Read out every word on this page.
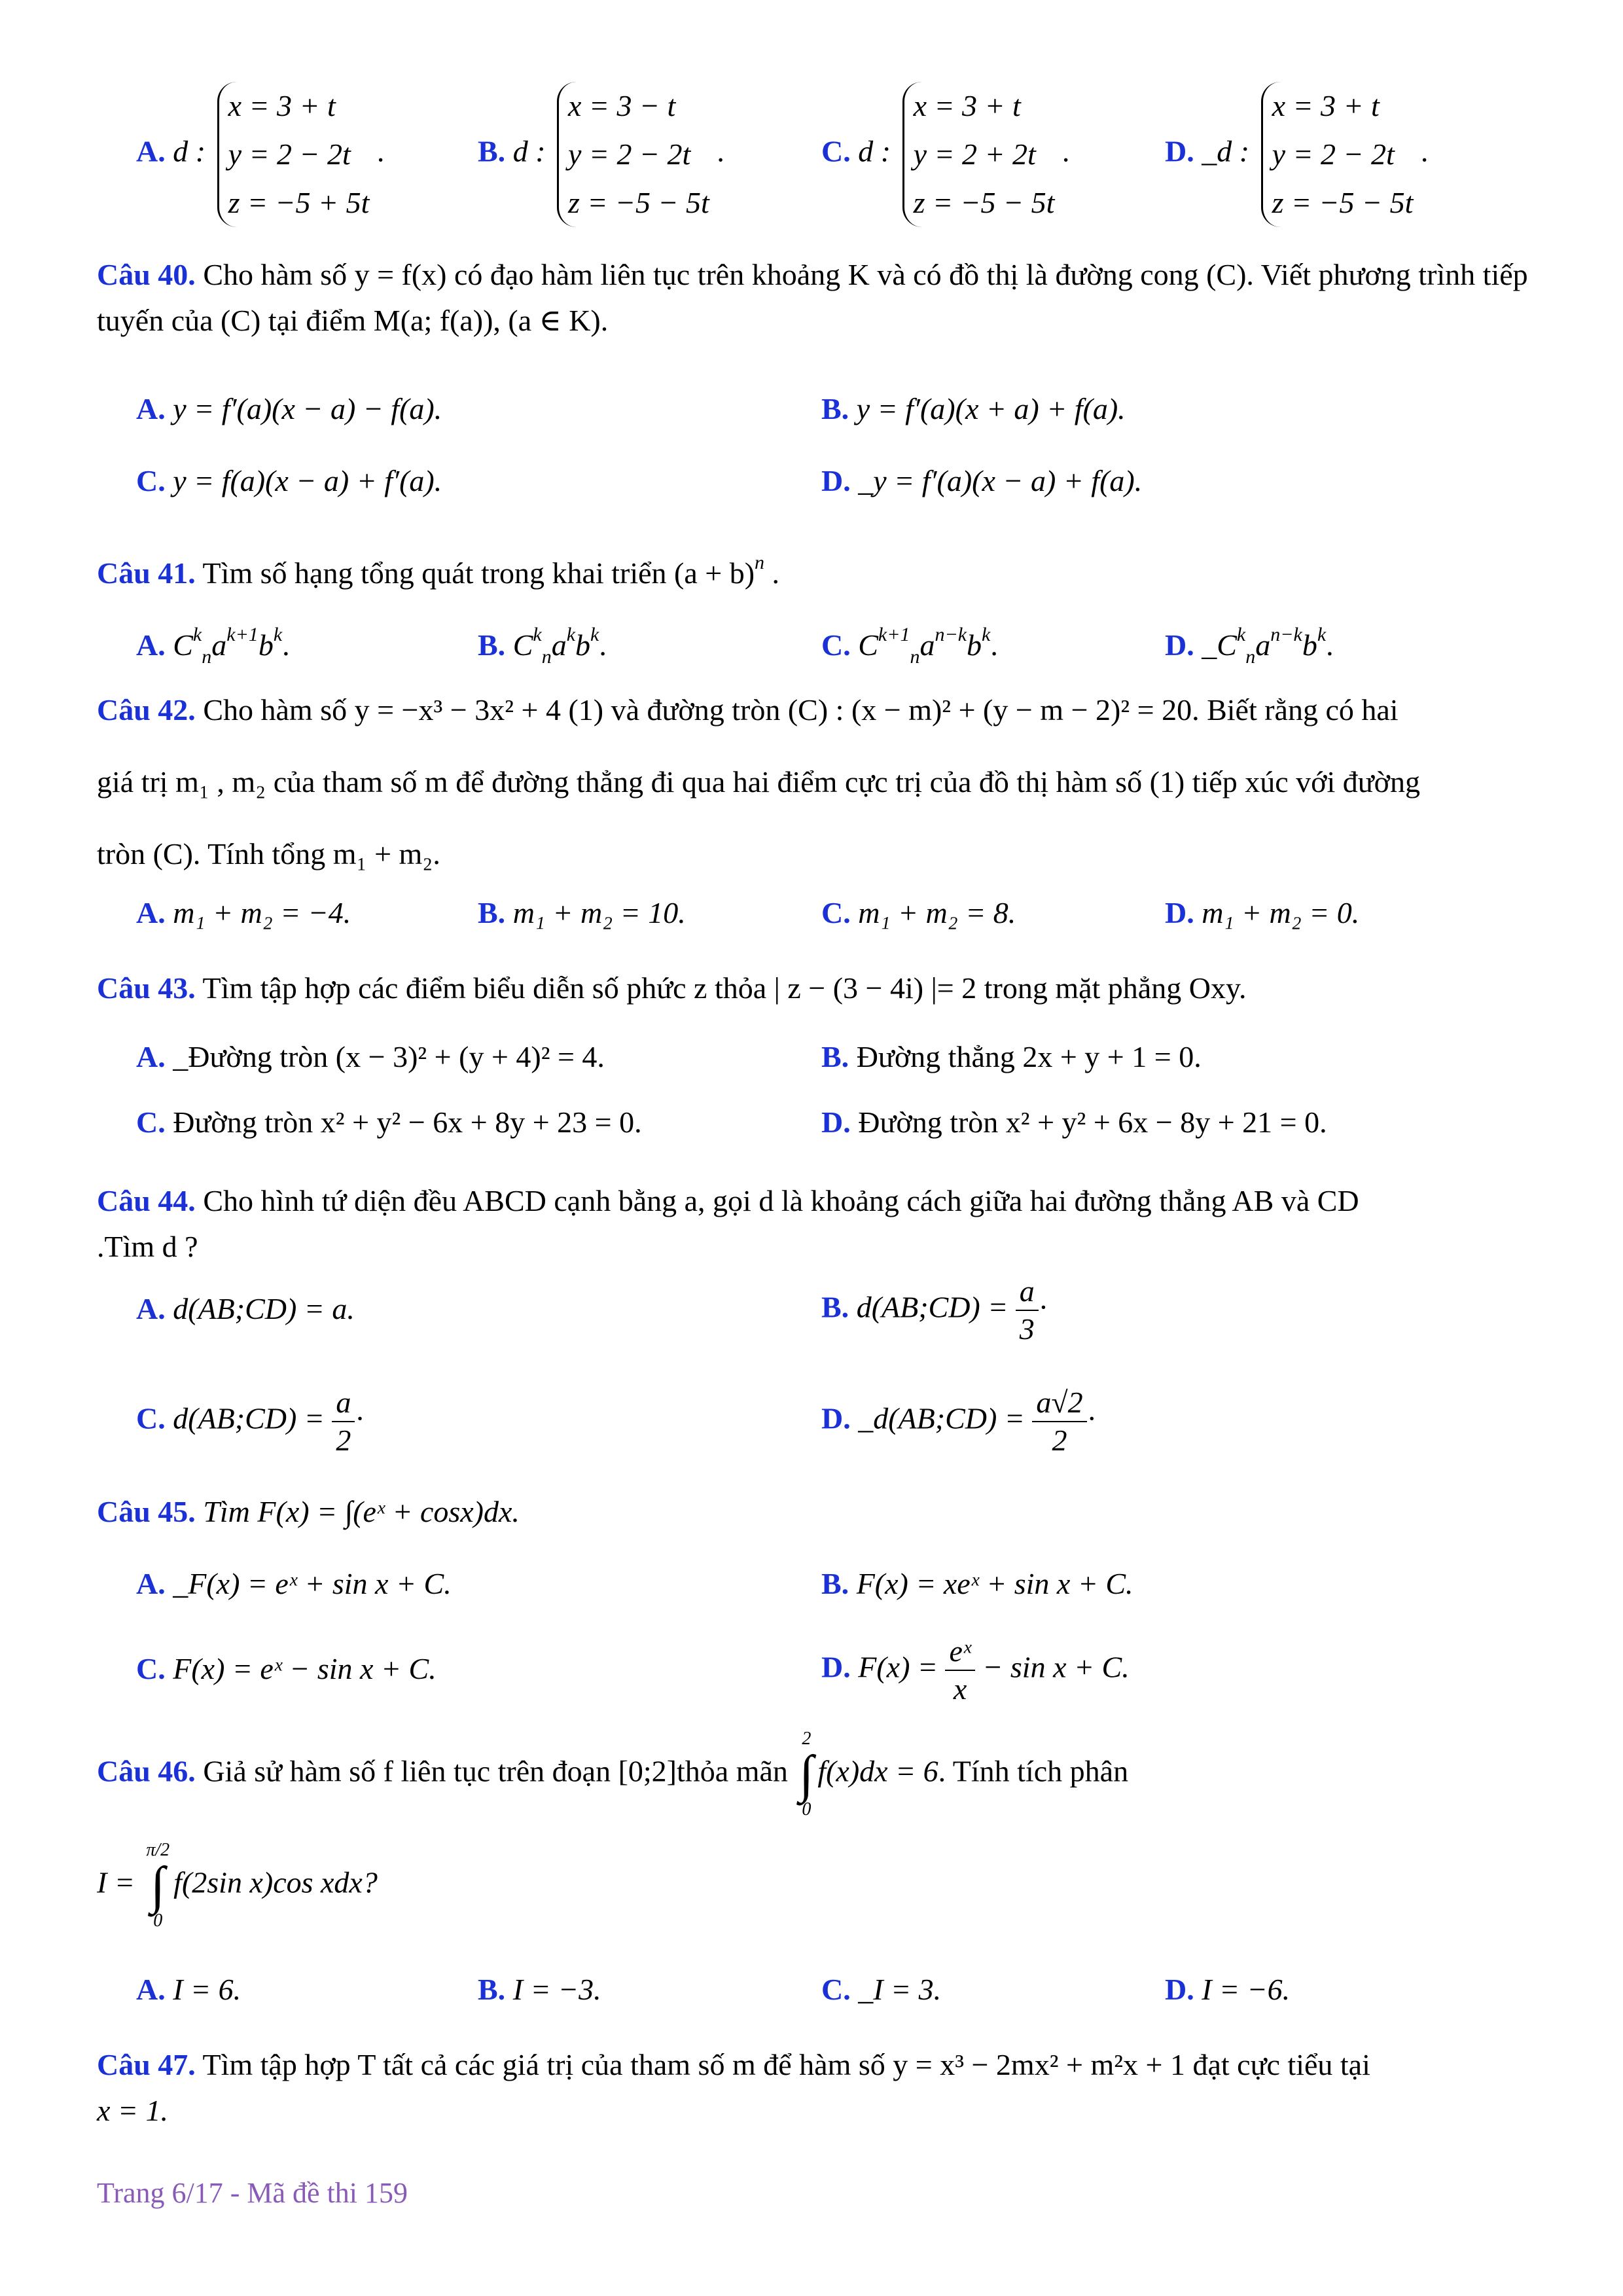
A. d :
x = 3 + t
y = 2 − 2t
z = −5 + 5t
.	B. d :
x = 3 − t
y = 2 − 2t
z = −5 − 5t
.	C. d :
x = 3 + t
y = 2 + 2t
z = −5 − 5t
.	D. _d :
x = 3 + t
y = 2 − 2t
z = −5 − 5t
.
Câu 40. Cho hàm số y = f(x) có đạo hàm liên tục trên khoảng K và có đồ thị là đường cong (C). Viết phương trình tiếp tuyến của (C) tại điểm M(a; f(a)), (a ∈ K).
A. y = f′(a)(x − a) − f(a).	B. y = f′(a)(x + a) + f(a).
C. y = f(a)(x − a) + f′(a).	D. _y = f′(a)(x − a) + f(a).
Câu 41. Tìm số hạng tổng quát trong khai triển $(a + b)^n$ .
A. $C^k_na^{k+1}b^k$.	B. $C^k_na^kb^k$.	C. $C^{k+1}_na^{n-k}b^k$.	D. $\_C^k_na^{n-k}b^k$.
Câu 42. Cho hàm số y = −x³ − 3x² + 4 (1) và đường tròn (C) : (x − m)² + (y − m − 2)² = 20. Biết rằng có hai
giá trị m₁ , m₂ của tham số m để đường thẳng đi qua hai điểm cực trị của đồ thị hàm số (1) tiếp xúc với đường
tròn (C). Tính tổng m₁ + m₂.
A. m₁ + m₂ = −4.	B. m₁ + m₂ = 10.	C. m₁ + m₂ = 8.	D. m₁ + m₂ = 0.
Câu 43. Tìm tập hợp các điểm biểu diễn số phức z thỏa | z − (3 − 4i) |= 2 trong mặt phẳng Oxy.
A. _Đường tròn (x − 3)² + (y + 4)² = 4.	B. Đường thẳng 2x + y + 1 = 0.
C. Đường tròn x² + y² − 6x + 8y + 23 = 0.	D. Đường tròn x² + y² + 6x − 8y + 21 = 0.
Câu 44. Cho hình tứ diện đều ABCD cạnh bằng a, gọi d là khoảng cách giữa hai đường thẳng AB và CD
.Tìm d ?
A. d(AB;CD) = a.	B. d(AB;CD) = $\frac{a}{3}$ ·
C. d(AB;CD) = $\frac{a}{2}$ ·	D. _d(AB;CD) = $\frac{a√2}{2}$ ·
Câu 45. Tìm F(x) = ∫(eˣ + cosx)dx.
A. _F(x) = eˣ + sin x + C.	B. F(x) = xeˣ + sin x + C.
C. F(x) = eˣ − sin x + C.	D. $F(x) = \frac{\text{eˣ}}{x} - \sin x + C$.
Câu 46. Giả sử hàm số f liên tục trên đoạn [0;2]thỏa mãn
2
∫
0
f(x)dx = 6. Tính tích phân
I =
π/2
∫
0
f(2sin x)cos xdx?
A. I = 6.	B. I = −3.	C. _I = 3.	D. I = −6.
Câu 47. Tìm tập hợp T tất cả các giá trị của tham số m để hàm số y = x³ − 2mx² + m²x + 1 đạt cực tiểu tại
x = 1.
Trang 6/17 - Mã đề thi 159
